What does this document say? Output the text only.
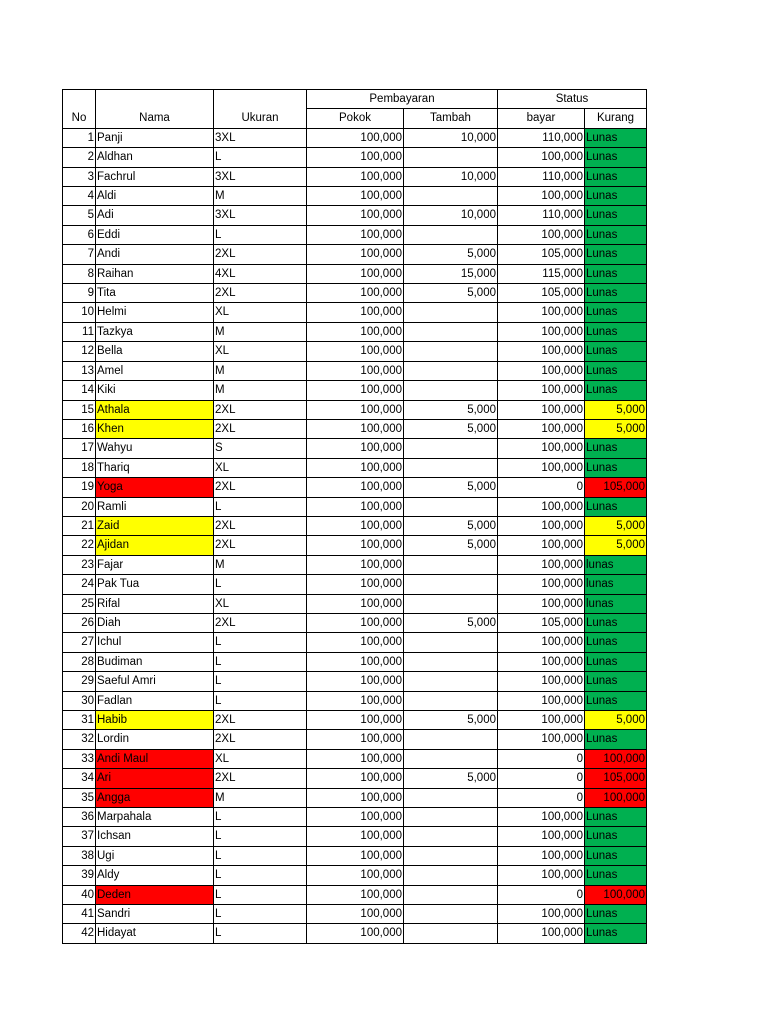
			Pembayaran		Status	
No	Nama	Ukuran	Pokok	Tambah	bayar	Kurang
1	Panji	3XL	100,000	10,000	110,000	Lunas
2	Aldhan	L	100,000		100,000	Lunas
3	Fachrul	3XL	100,000	10,000	110,000	Lunas
4	Aldi	M	100,000		100,000	Lunas
5	Adi	3XL	100,000	10,000	110,000	Lunas
6	Eddi	L	100,000		100,000	Lunas
7	Andi	2XL	100,000	5,000	105,000	Lunas
8	Raihan	4XL	100,000	15,000	115,000	Lunas
9	Tita	2XL	100,000	5,000	105,000	Lunas
10	Helmi	XL	100,000		100,000	Lunas
11	Tazkya	M	100,000		100,000	Lunas
12	Bella	XL	100,000		100,000	Lunas
13	Amel	M	100,000		100,000	Lunas
14	Kiki	M	100,000		100,000	Lunas
15	Athala	2XL	100,000	5,000	100,000	5,000
16	Khen	2XL	100,000	5,000	100,000	5,000
17	Wahyu	S	100,000		100,000	Lunas
18	Thariq	XL	100,000		100,000	Lunas
19	Yoga	2XL	100,000	5,000	0	105,000
20	Ramli	L	100,000		100,000	Lunas
21	Zaid	2XL	100,000	5,000	100,000	5,000
22	Ajidan	2XL	100,000	5,000	100,000	5,000
23	Fajar	M	100,000		100,000	lunas
24	Pak Tua	L	100,000		100,000	lunas
25	Rifal	XL	100,000		100,000	lunas
26	Diah	2XL	100,000	5,000	105,000	Lunas
27	Ichul	L	100,000		100,000	Lunas
28	Budiman	L	100,000		100,000	Lunas
29	Saeful Amri	L	100,000		100,000	Lunas
30	Fadlan	L	100,000		100,000	Lunas
31	Habib	2XL	100,000	5,000	100,000	5,000
32	Lordin	2XL	100,000		100,000	Lunas
33	Andi Maul	XL	100,000		0	100,000
34	Ari	2XL	100,000	5,000	0	105,000
35	Angga	M	100,000		0	100,000
36	Marpahala	L	100,000		100,000	Lunas
37	Ichsan	L	100,000		100,000	Lunas
38	Ugi	L	100,000		100,000	Lunas
39	Aldy	L	100,000		100,000	Lunas
40	Deden	L	100,000		0	100,000
41	Sandri	L	100,000		100,000	Lunas
42	Hidayat	L	100,000		100,000	Lunas
